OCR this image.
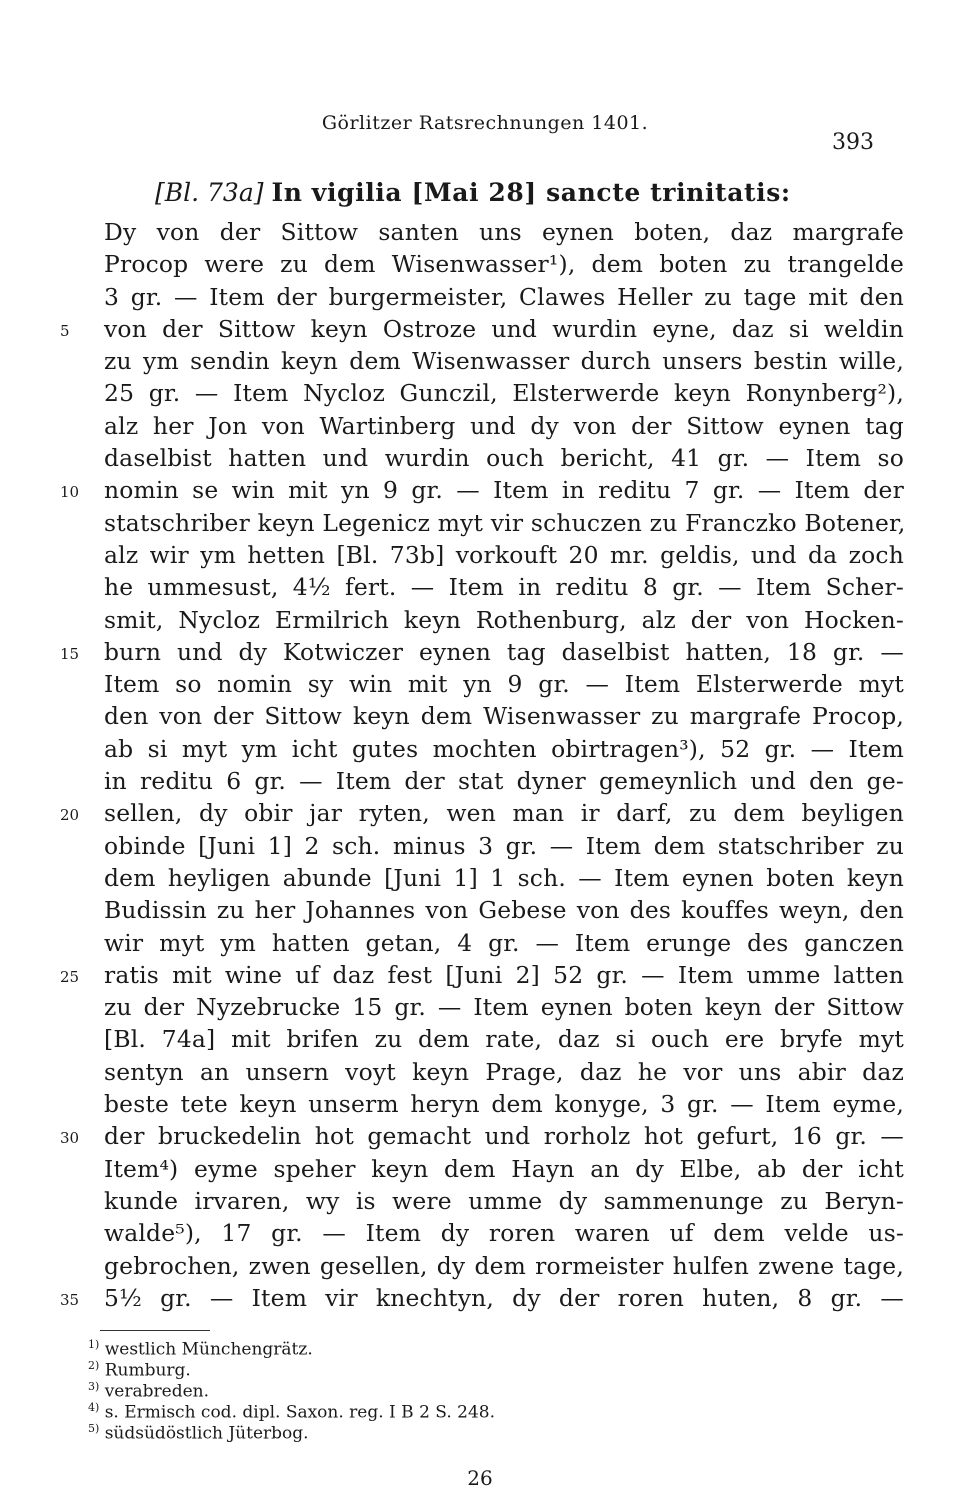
Görlitzer Ratsrechnungen 1401.
393
[Bl. 73a] In vigilia [Mai 28] sancte trinitatis:
Dy von der Sittow santen uns eynen boten, daz margrafe
Procop were zu dem Wisenwasser¹), dem boten zu trangelde
3 gr. — Item der burgermeister, Clawes Heller zu tage mit den
5	von der Sittow keyn Ostroze und wurdin eyne, daz si weldin
zu ym sendin keyn dem Wisenwasser durch unsers bestin wille,
25 gr. — Item Nycloz Gunczil, Elsterwerde keyn Ronynberg²),
alz her Jon von Wartinberg und dy von der Sittow eynen tag
daselbist hatten und wurdin ouch bericht, 41 gr. — Item so
10	nomin se win mit yn 9 gr. — Item in reditu 7 gr. — Item der
statschriber keyn Legenicz myt vir schuczen zu Franczko Botener,
alz wir ym hetten [Bl. 73b] vorkouft 20 mr. geldis, und da zoch
he ummesust, 4½ fert. — Item in reditu 8 gr. — Item Scher-
smit, Nycloz Ermilrich keyn Rothenburg, alz der von Hocken-
15	burn und dy Kotwiczer eynen tag daselbist hatten, 18 gr. —
Item so nomin sy win mit yn 9 gr. — Item Elsterwerde myt
den von der Sittow keyn dem Wisenwasser zu margrafe Procop,
ab si myt ym icht gutes mochten obirtragen³), 52 gr. — Item
in reditu 6 gr. — Item der stat dyner gemeynlich und den ge-
20	sellen, dy obir jar ryten, wen man ir darf, zu dem beyligen
obinde [Juni 1] 2 sch. minus 3 gr. — Item dem statschriber zu
dem heyligen abunde [Juni 1] 1 sch. — Item eynen boten keyn
Budissin zu her Johannes von Gebese von des kouffes weyn, den
wir myt ym hatten getan, 4 gr. — Item erunge des ganczen
25	ratis mit wine uf daz fest [Juni 2] 52 gr. — Item umme latten
zu der Nyzebrucke 15 gr. — Item eynen boten keyn der Sittow
[Bl. 74a] mit brifen zu dem rate, daz si ouch ere bryfe myt
sentyn an unsern voyt keyn Prage, daz he vor uns abir daz
beste tete keyn unserm heryn dem konyge, 3 gr. — Item eyme,
30	der bruckedelin hot gemacht und rorholz hot gefurt, 16 gr. —
Item⁴) eyme speher keyn dem Hayn an dy Elbe, ab der icht
kunde irvaren, wy is were umme dy sammenunge zu Beryn-
walde⁵), 17 gr. — Item dy roren waren uf dem velde us-
gebrochen, zwen gesellen, dy dem rormeister hulfen zwene tage,
35	5½ gr. — Item vir knechtyn, dy der roren huten, 8 gr. —
$^{1)}$ westlich Münchengrätz.
$^{2)}$ Rumburg.
$^{3)}$ verabreden.
$^{4)}$ s. Ermisch cod. dipl. Saxon. reg. I B 2 S. 248.
$^{5)}$ südsüdöstlich Jüterbog.
26
